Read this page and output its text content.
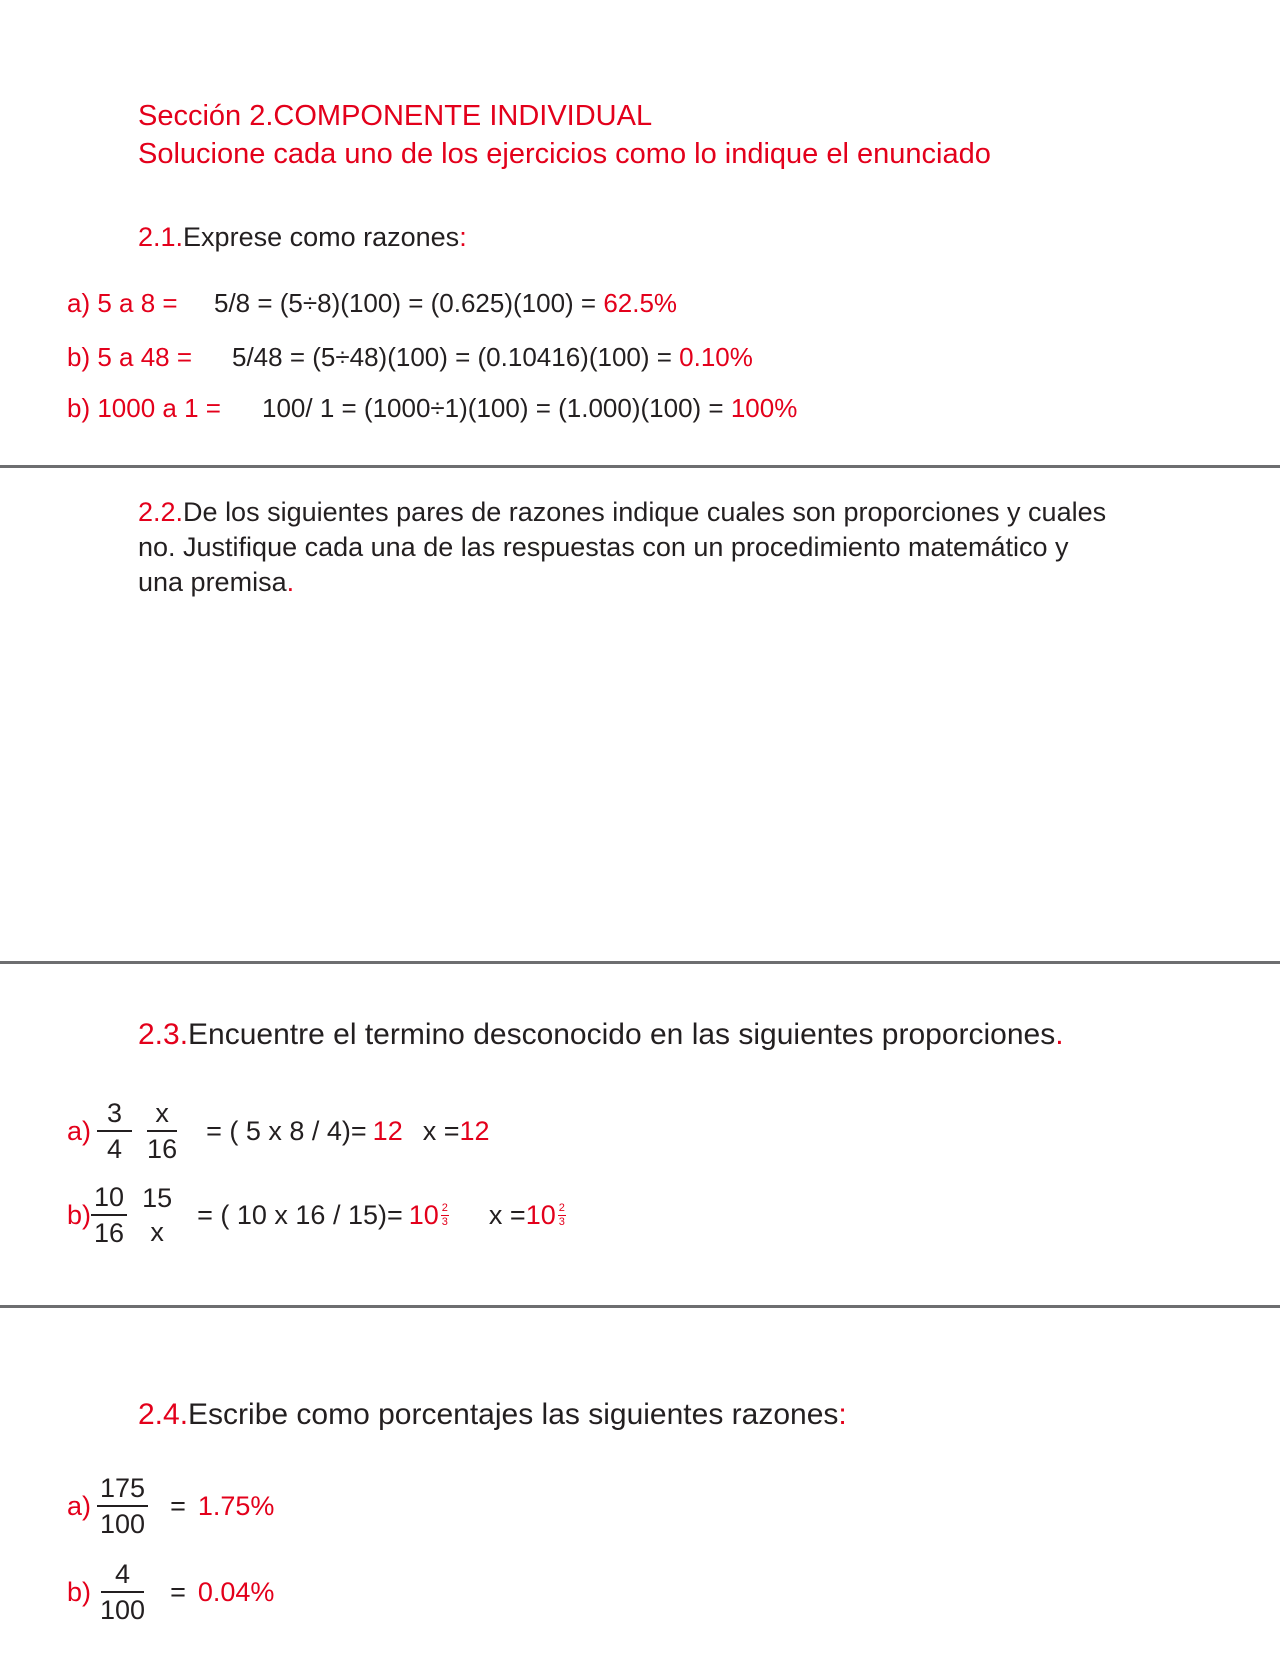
Sección 2.COMPONENTE INDIVIDUAL
Solucione cada uno de los ejercicios como lo indique el enunciado
2.1.Exprese como razones:
a) 5 a 8 = 5/8 = (5÷8)(100) = (0.625)(100) = 62.5%
b) 5 a 48 = 5/48 = (5÷48)(100) = (0.10416)(100) = 0.10%
b) 1000 a 1 = 100/ 1 = (1000÷1)(100) = (1.000)(100) = 100%
2.2.De los siguientes pares de razones indique cuales son proporciones y cuales
no. Justifique cada una de las respuestas con un procedimiento matemático y
una premisa.
2.3.Encuentre el termino desconocido en las siguientes proporciones.
$a) \frac{3}{4} \frac{x}{16}$ = ( 5 x 8 / 4)= 12 x = 12
$b) \frac{10}{16} 15$
x
= ( 10 x $16 / 15)= 10 \frac{2}{3}$ $x = 10 \frac{2}{3}$
2.4.Escribe como porcentajes las siguientes razones:
$a) \frac{175}{100} = 1.75\%$
$b) \frac{4}{100} = 0.04\%$
